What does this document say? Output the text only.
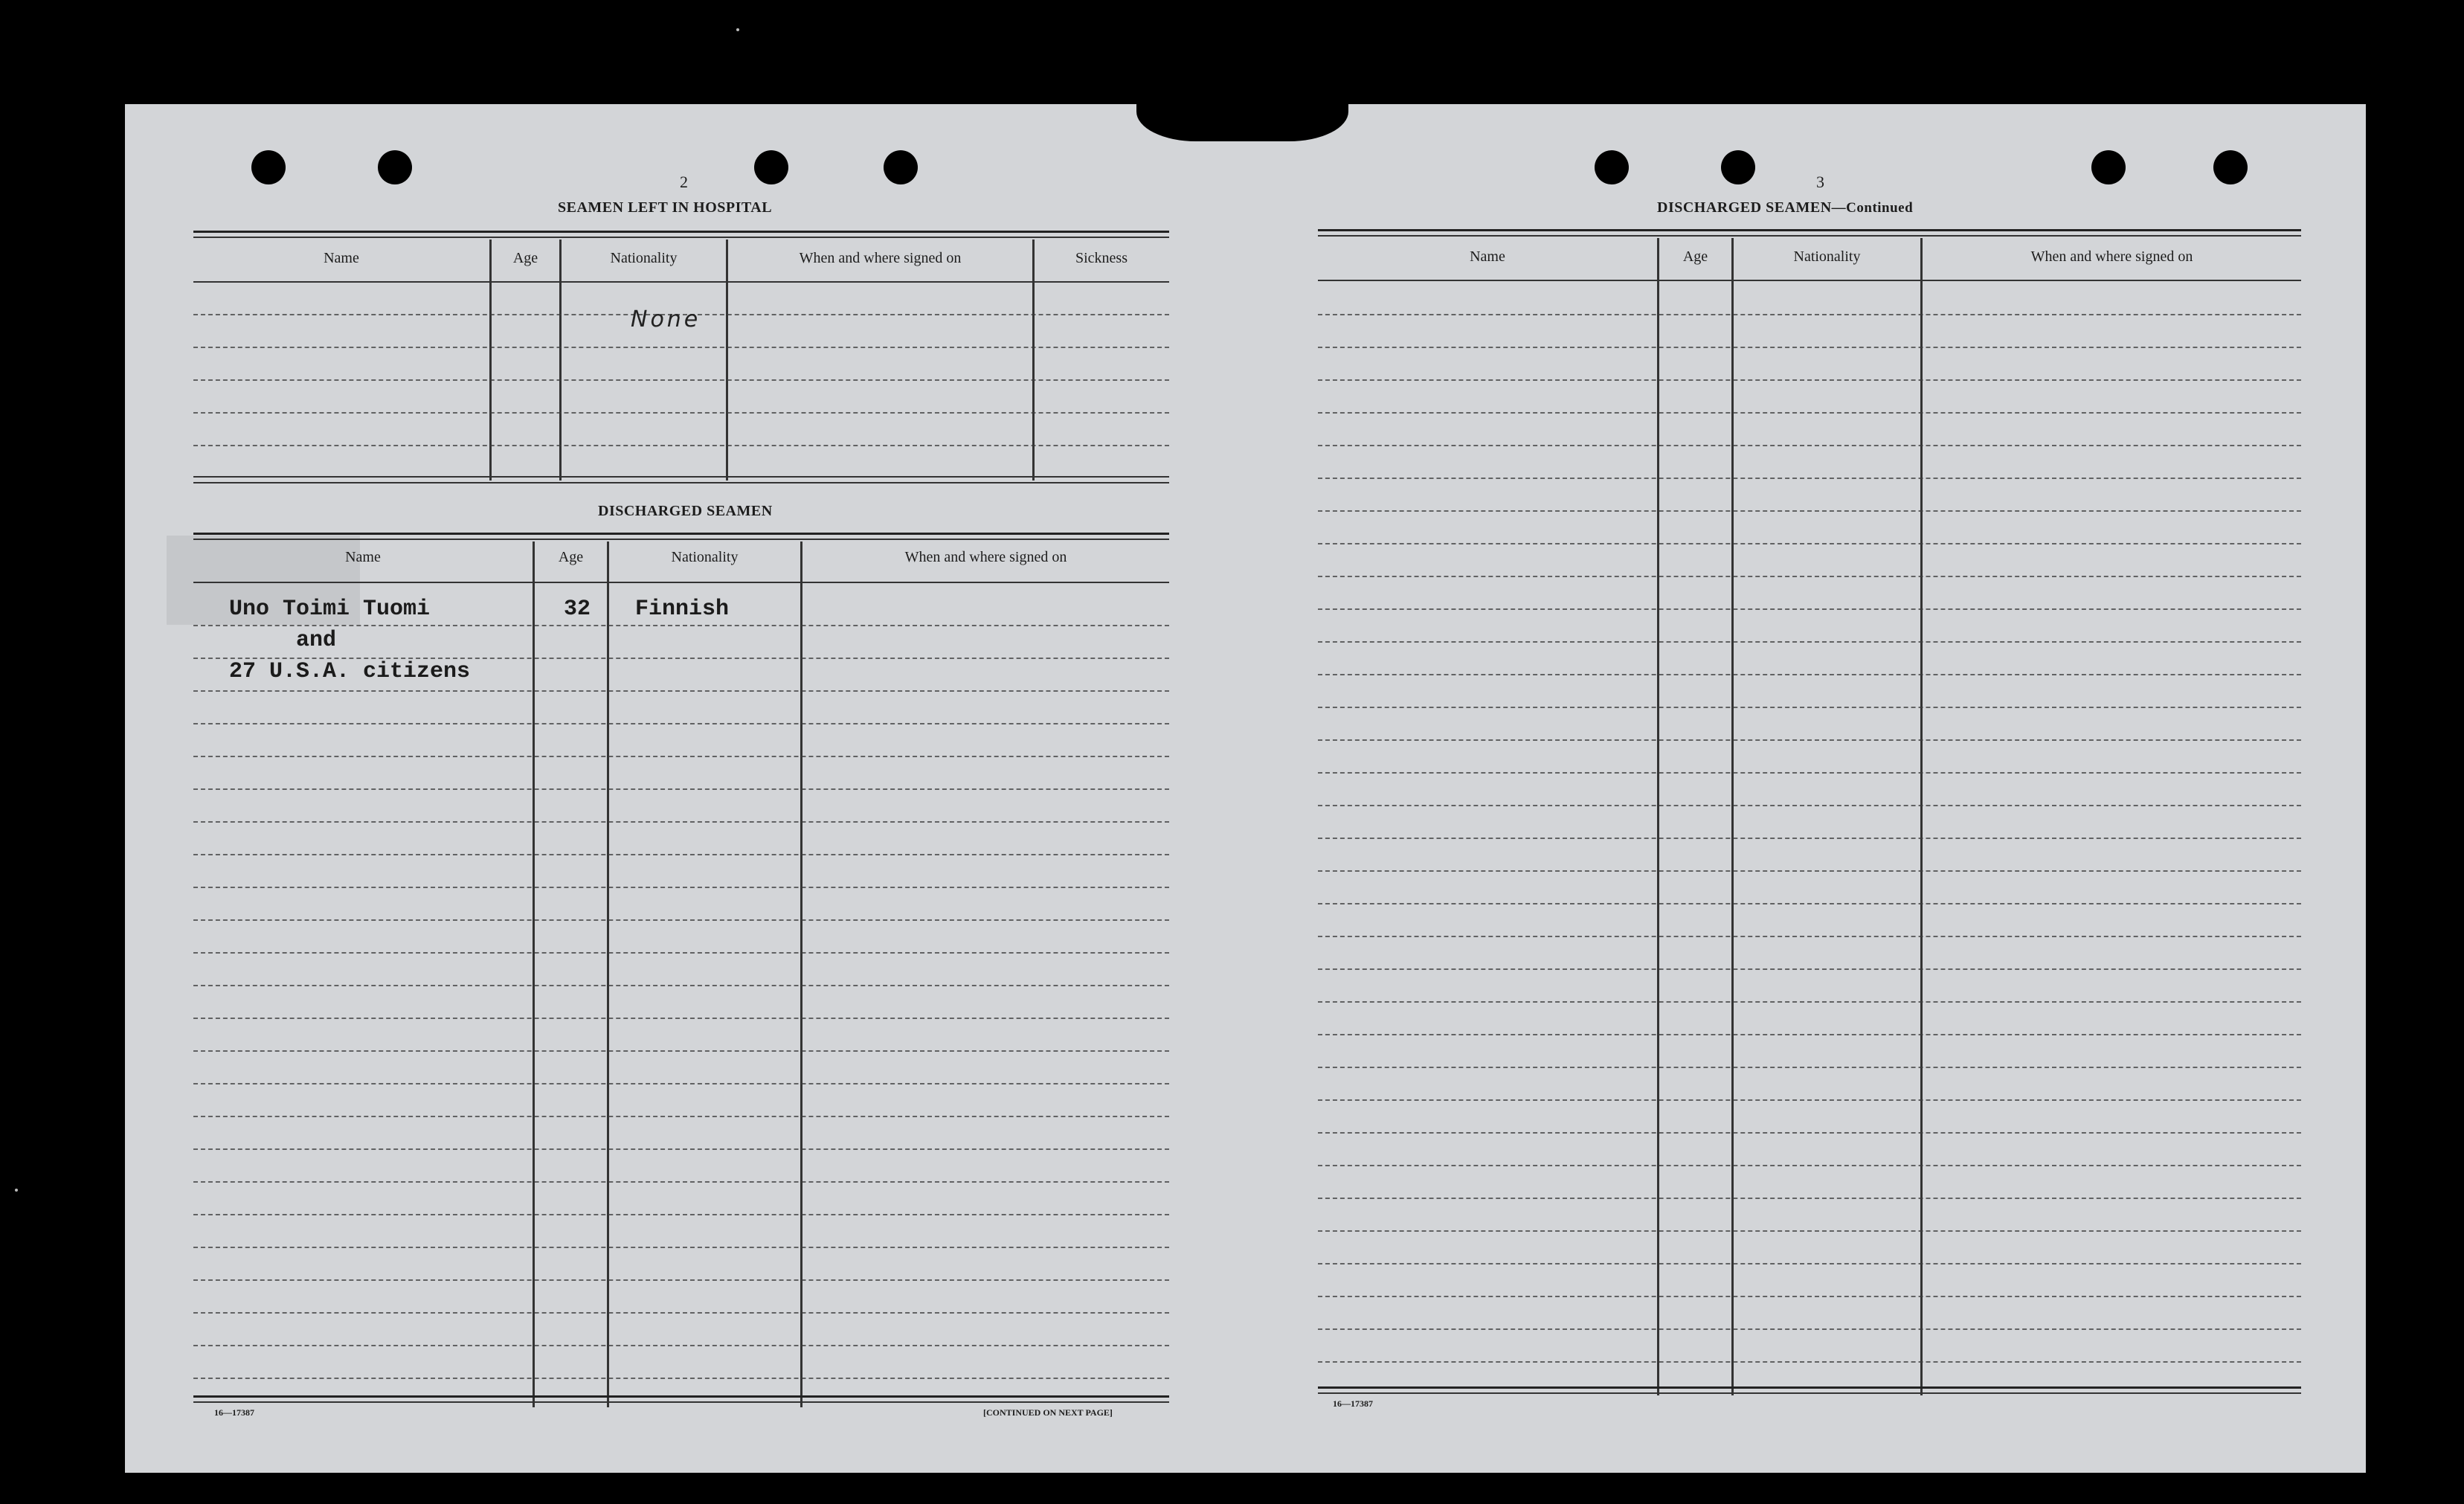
2
SEAMEN LEFT IN HOSPITAL
Name	Age	Nationality	When and where signed on	Sickness
None
DISCHARGED SEAMEN
Name	Age	Nationality	When and where signed on
Uno Toimi Tuomi	32 Finnish
and
27 U.S.A. citizens
16—17387	[CONTINUED ON NEXT PAGE]
3
DISCHARGED SEAMEN—Continued
Name	Age	Nationality	When and where signed on
16—17387
